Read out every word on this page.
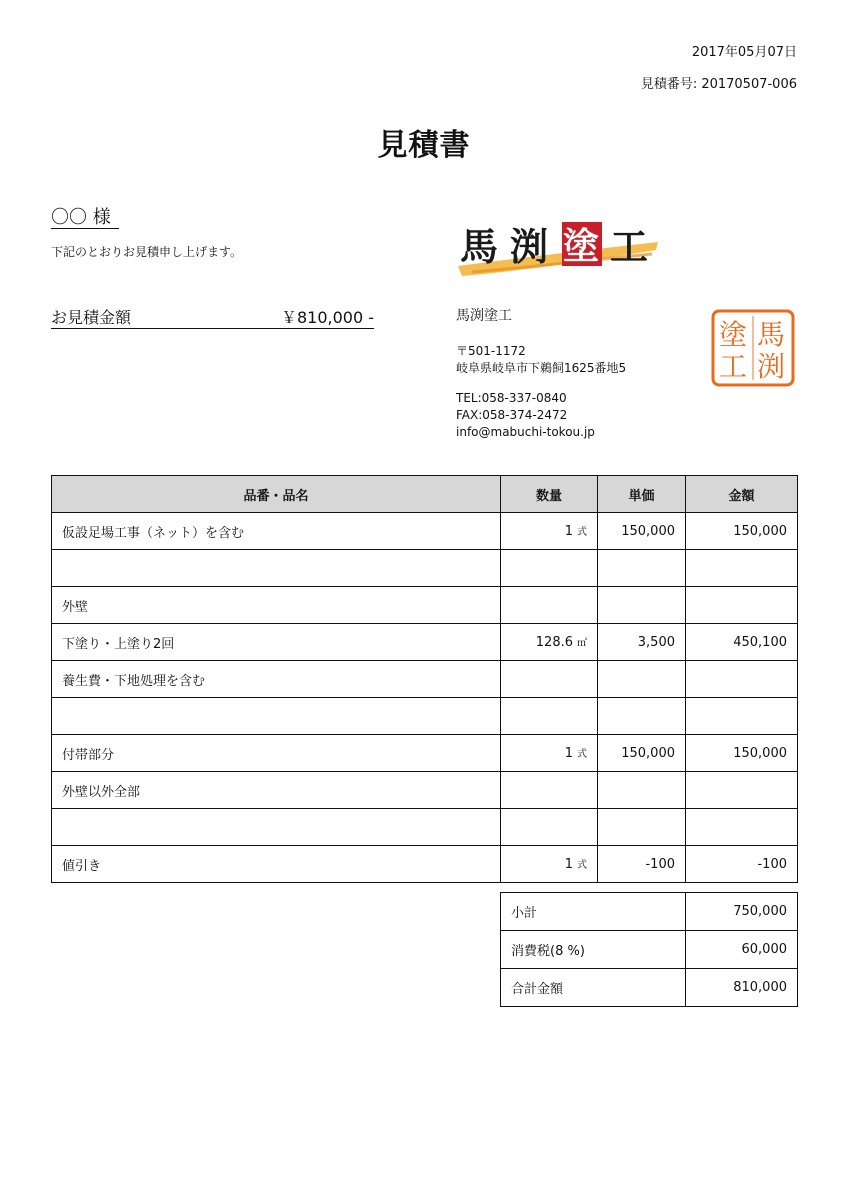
2017年05月07日
見積番号: 20170507-006
見積書
〇〇 様
下記のとおりお見積申し上げます。
お見積金額	￥810,000 -
馬 渕 塗 工
馬渕塗工
〒501-1172
岐阜県岐阜市下鵜飼1625番地5
TEL:058-337-0840
FAX:058-374-2472
info@mabuchi-tokou.jp
馬
渕
塗
工
品番・品名	数量	単価	金額
仮設足場工事（ネット）を含む	1 式	150,000	150,000

外壁			
下塗り・上塗り2回	128.6 ㎡	3,500	450,100
養生費・下地処理を含む			

付帯部分	1 式	150,000	150,000
外壁以外全部			

値引き	1 式	-100	-100
小計	750,000
消費税(8 %)	60,000
合計金額	810,000
